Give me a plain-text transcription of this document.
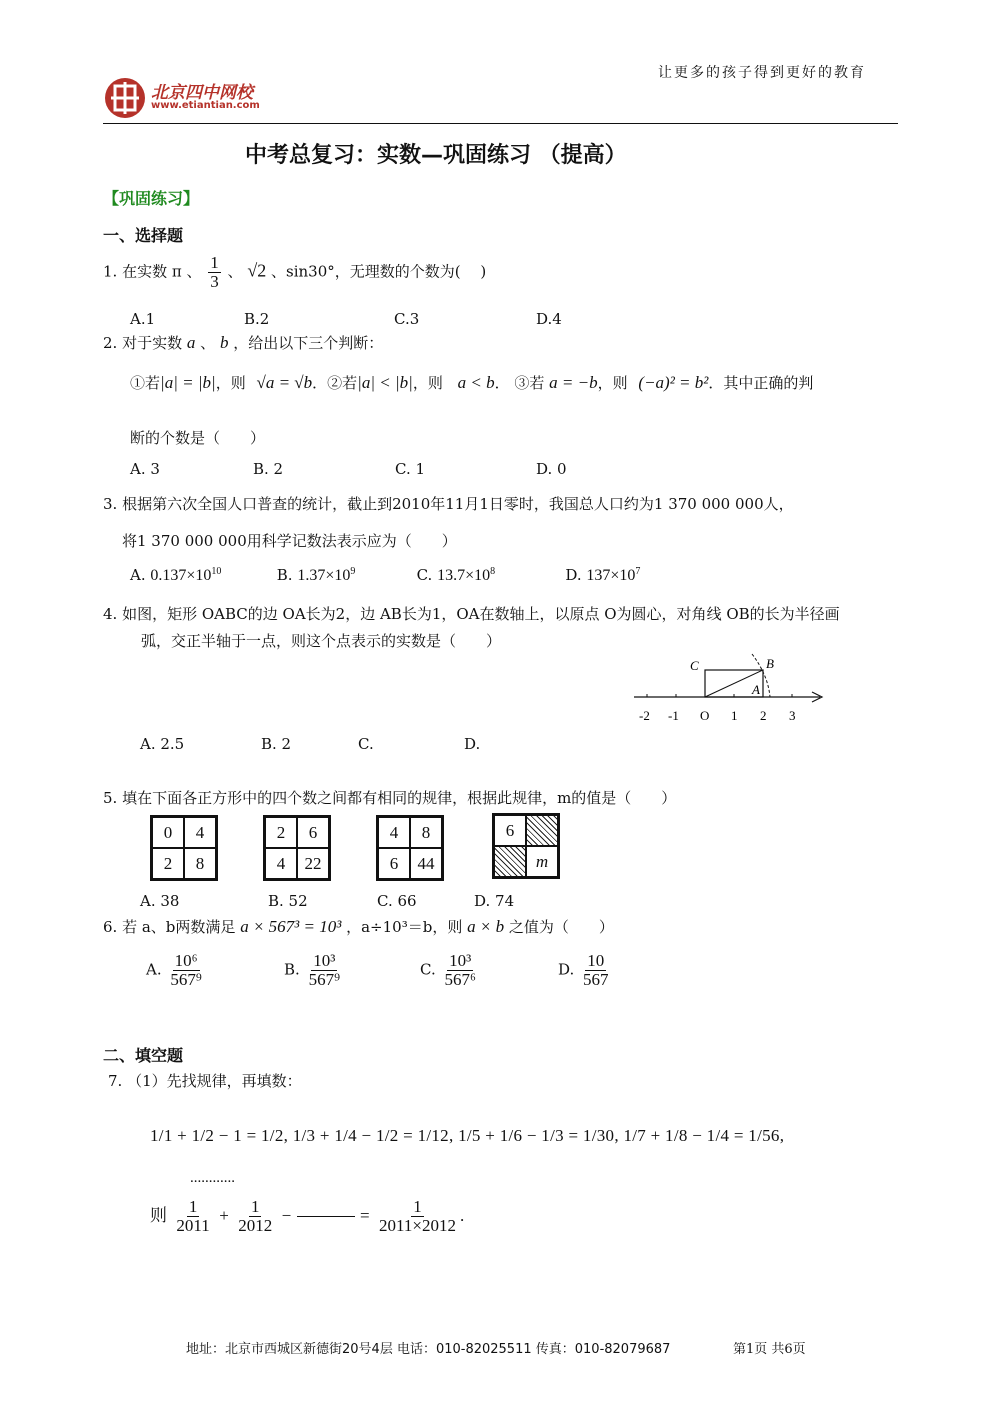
让更多的孩子得到更好的教育
北京四中网校
www.etiantian.com
中考总复习：实数—巩固练习 （提高）
【巩固练习】
一、选择题
1. 在实数 π 、 $\frac{1}{3}$ 、 √2 、sin30°，无理数的个数为(　 )
A.1	B.2	C.3	D.4
2. 对于实数 a 、 b ，给出以下三个判断：
①若|a| = |b|，则 √a = √b．②若|a| < |b|，则 a < b． ③若 a = −b，则 (−a)² = b²．其中正确的判
断的个数是（　　）
A. 3	B. 2	C. 1	D. 0
3. 根据第六次全国人口普查的统计，截止到2010年11月1日零时，我国总人口约为1 370 000 000人，
将1 370 000 000用科学记数法表示应为（　　）
A. $0.137\times 10^{10}$	B. $1.37\times 10^9$	C. $13.7\times 10^8$	D. $137\times 10^7$
4. 如图，矩形 OABC的边 OA长为2，边 AB长为1，OA在数轴上，以原点 O为圆心，对角线 OB的长为半径画
弧，交正半轴于一点，则这个点表示的实数是（　　）
C	B
A
-2 -1 O 1 2 3
A. 2.5	B. 2	C.	D.
5. 填在下面各正方形中的四个数之间都有相同的规律，根据此规律，m的值是（　　）
0	4
2	8
2	6
4	22
4	8
6	44
6
m
A. 38	B. 52	C. 66	D. 74
6. 若 a、b两数满足 a × 567³ = 10³ ，a÷10³＝b，则 a × b 之值为（　　）
A. $\frac{\text{10⁶}}{\text{567⁹}}$	B. $\frac{\text{10³}}{\text{567⁹}}$	C. $\frac{\text{10³}}{\text{567⁶}}$	D. $\frac{10}{567}$
二、填空题
7. （1）先找规律，再填数：
1/1 + 1/2 − 1 = 1/2, 1/3 + 1/4 − 1/2 = 1/12, 1/5 + 1/6 − 1/3 = 1/30, 1/7 + 1/8 − 1/4 = 1/56,
............
则 $\frac{1}{2011} + \frac{1}{2012}$ −	= $\frac{1}{2011\times 2012}$ .
地址：北京市西城区新德街20号4层 电话：010-82025511 传真：010-82079687	第1页 共6页
